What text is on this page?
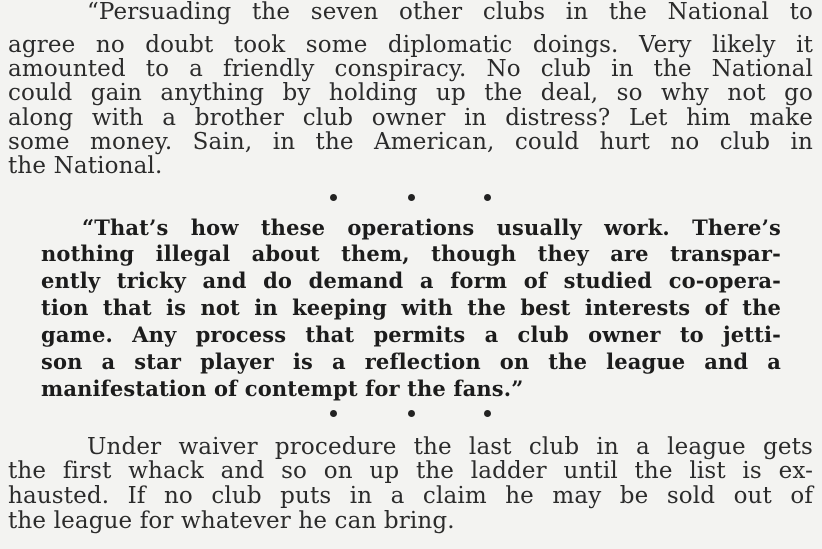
“Persuading the seven other clubs in the National to
agree no doubt took some diplomatic doings. Very likely it
amounted to a friendly conspiracy. No club in the National
could gain anything by holding up the deal, so why not go
along with a brother club owner in distress? Let him make
some money. Sain, in the American, could hurt no club in
the National.
“That’s how these operations usually work. There’s
nothing illegal about them, though they are transpar-
ently tricky and do demand a form of studied co-opera-
tion that is not in keeping with the best interests of the
game. Any process that permits a club owner to jetti-
son a star player is a reflection on the league and a
manifestation of contempt for the fans.”
Under waiver procedure the last club in a league gets
the first whack and so on up the ladder until the list is ex-
hausted. If no club puts in a claim he may be sold out of
the league for whatever he can bring.
